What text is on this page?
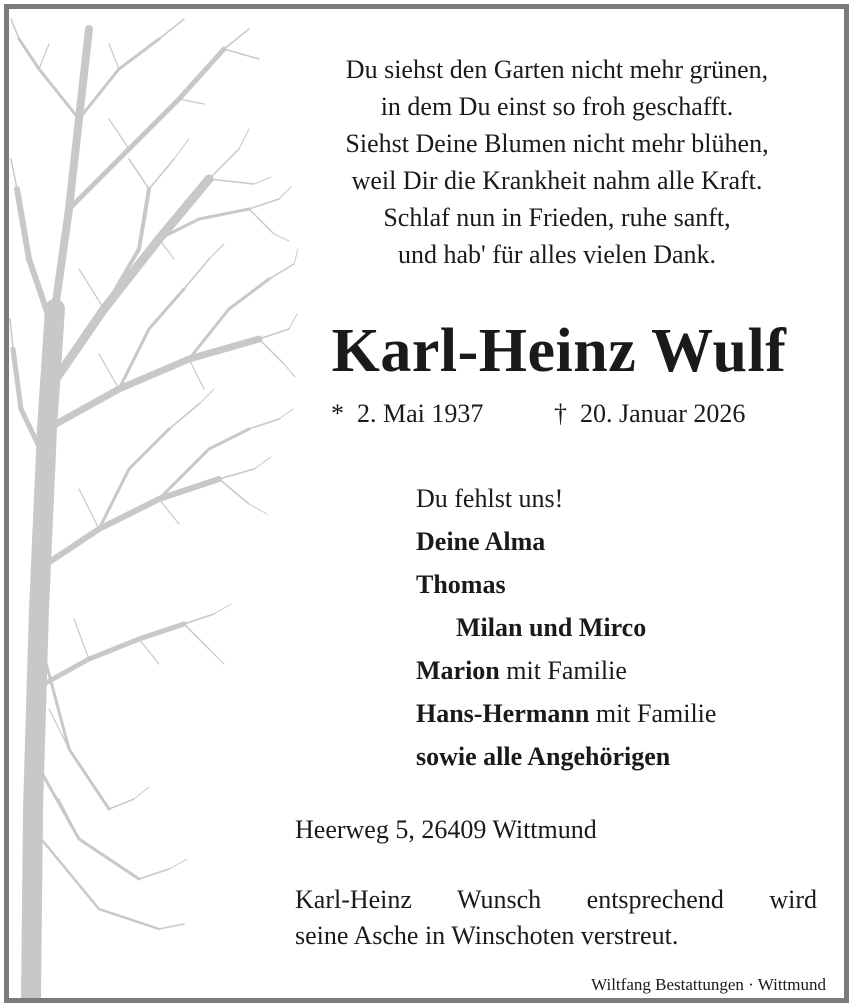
Du siehst den Garten nicht mehr grünen,
in dem Du einst so froh geschafft.
Siehst Deine Blumen nicht mehr blühen,
weil Dir die Krankheit nahm alle Kraft.
Schlaf nun in Frieden, ruhe sanft,
und hab' für alles vielen Dank.
Karl-Heinz Wulf
* 2. Mai 1937	† 20. Januar 2026
Du fehlst uns!
Deine Alma
Thomas
Milan und Mirco
Marion mit Familie
Hans-Hermann mit Familie
sowie alle Angehörigen
Heerweg 5, 26409 Wittmund
Karl-Heinz Wunsch entsprechend wird
seine Asche in Winschoten verstreut.
Wiltfang Bestattungen · Wittmund
